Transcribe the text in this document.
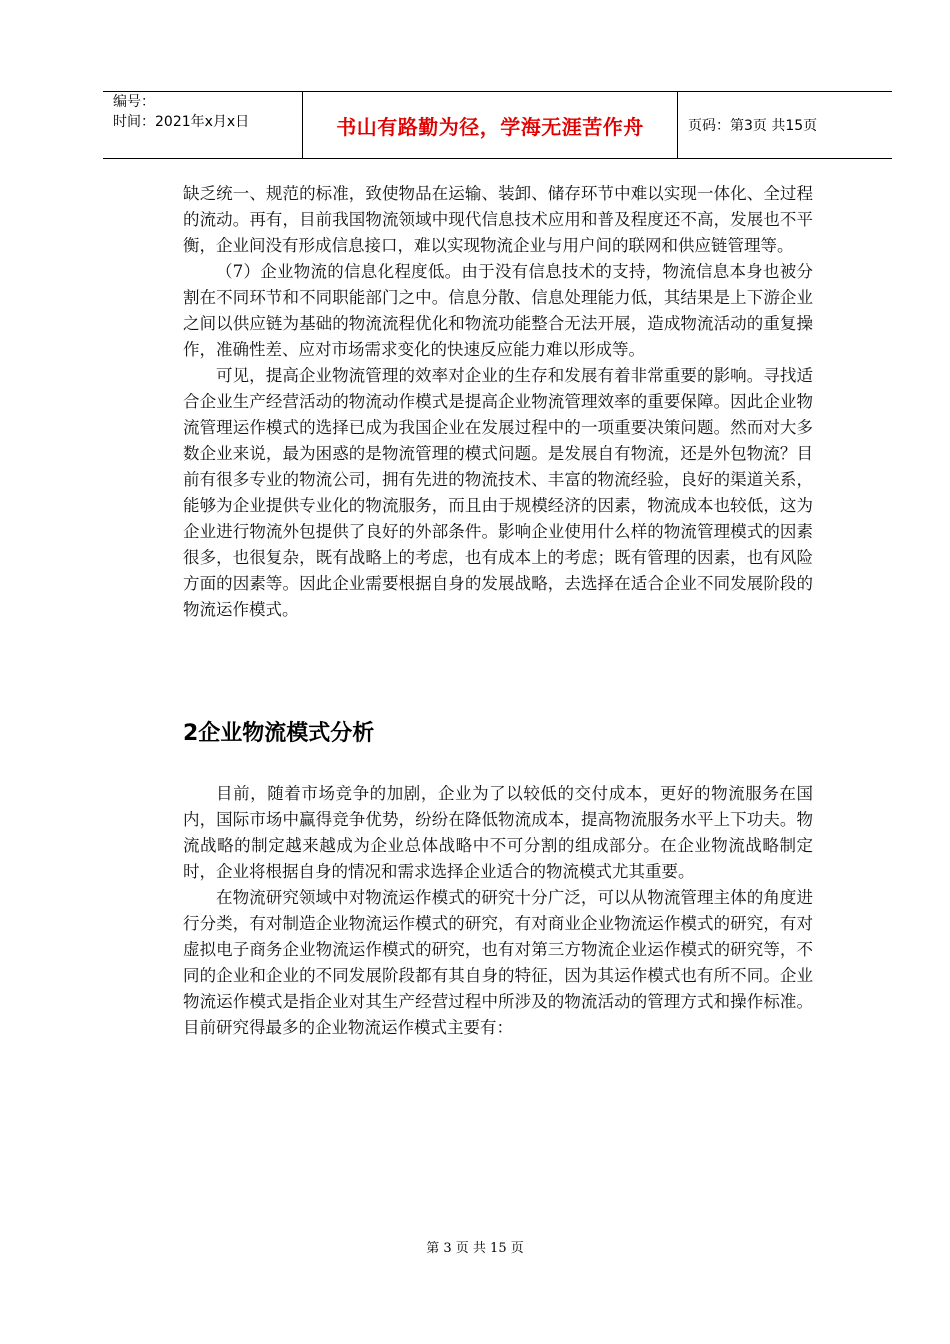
编号：
时间：2021年x月x日	书山有路勤为径，学海无涯苦作舟	页码：第3页 共15页

缺乏统一、规范的标准，致使物品在运输、装卸、储存环节中难以实现一体化、全过程的流动。再有，目前我国物流领域中现代信息技术应用和普及程度还不高，发展也不平衡，企业间没有形成信息接口，难以实现物流企业与用户间的联网和供应链管理等。

（7）企业物流的信息化程度低。由于没有信息技术的支持，物流信息本身也被分割在不同环节和不同职能部门之中。信息分散、信息处理能力低，其结果是上下游企业之间以供应链为基础的物流流程优化和物流功能整合无法开展，造成物流活动的重复操作，准确性差、应对市场需求变化的快速反应能力难以形成等。

可见，提高企业物流管理的效率对企业的生存和发展有着非常重要的影响。寻找适合企业生产经营活动的物流动作模式是提高企业物流管理效率的重要保障。因此企业物流管理运作模式的选择已成为我国企业在发展过程中的一项重要决策问题。然而对大多数企业来说，最为困惑的是物流管理的模式问题。是发展自有物流，还是外包物流？目前有很多专业的物流公司，拥有先进的物流技术、丰富的物流经验，良好的渠道关系，能够为企业提供专业化的物流服务，而且由于规模经济的因素，物流成本也较低，这为企业进行物流外包提供了良好的外部条件。影响企业使用什么样的物流管理模式的因素很多，也很复杂，既有战略上的考虑，也有成本上的考虑；既有管理的因素，也有风险方面的因素等。因此企业需要根据自身的发展战略，去选择在适合企业不同发展阶段的物流运作模式。

2企业物流模式分析

目前，随着市场竞争的加剧，企业为了以较低的交付成本，更好的物流服务在国内，国际市场中赢得竞争优势，纷纷在降低物流成本，提高物流服务水平上下功夫。物流战略的制定越来越成为企业总体战略中不可分割的组成部分。在企业物流战略制定时，企业将根据自身的情况和需求选择企业适合的物流模式尤其重要。

在物流研究领域中对物流运作模式的研究十分广泛，可以从物流管理主体的角度进行分类，有对制造企业物流运作模式的研究，有对商业企业物流运作模式的研究，有对虚拟电子商务企业物流运作模式的研究，也有对第三方物流企业运作模式的研究等，不同的企业和企业的不同发展阶段都有其自身的特征，因为其运作模式也有所不同。企业物流运作模式是指企业对其生产经营过程中所涉及的物流活动的管理方式和操作标准。目前研究得最多的企业物流运作模式主要有：

第 3 页 共 15 页
